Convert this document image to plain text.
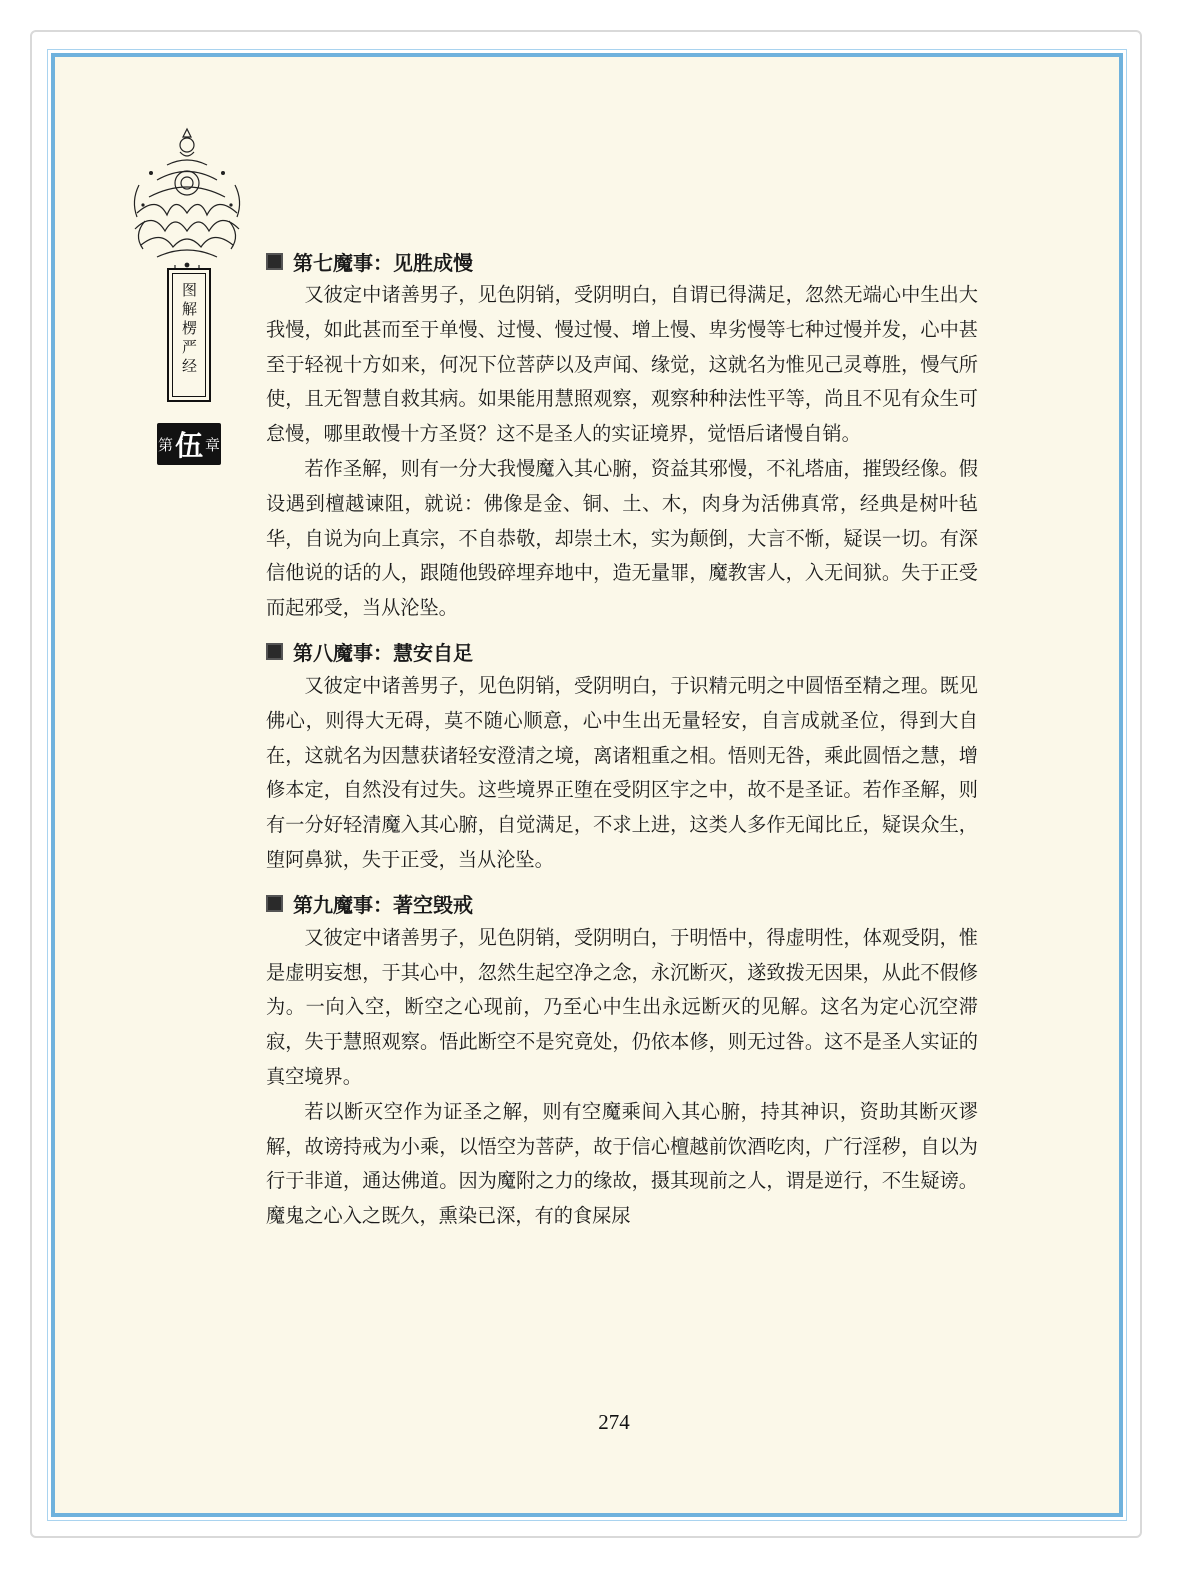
图解楞严经
第 伍 章
第七魔事：见胜成慢

又彼定中诸善男子，见色阴销，受阴明白，自谓已得满足，忽然无端心中生出大我慢，如此甚而至于单慢、过慢、慢过慢、增上慢、卑劣慢等七种过慢并发，心中甚至于轻视十方如来，何况下位菩萨以及声闻、缘觉，这就名为惟见己灵尊胜，慢气所使，且无智慧自救其病。如果能用慧照观察，观察种种法性平等，尚且不见有众生可怠慢，哪里敢慢十方圣贤？这不是圣人的实证境界，觉悟后诸慢自销。

若作圣解，则有一分大我慢魔入其心腑，资益其邪慢，不礼塔庙，摧毁经像。假设遇到檀越谏阻，就说：佛像是金、铜、土、木，肉身为活佛真常，经典是树叶毡华，自说为向上真宗，不自恭敬，却崇土木，实为颠倒，大言不惭，疑误一切。有深信他说的话的人，跟随他毁碎埋弃地中，造无量罪，魔教害人，入无间狱。失于正受而起邪受，当从沦坠。

第八魔事：慧安自足

又彼定中诸善男子，见色阴销，受阴明白，于识精元明之中圆悟至精之理。既见佛心，则得大无碍，莫不随心顺意，心中生出无量轻安，自言成就圣位，得到大自在，这就名为因慧获诸轻安澄清之境，离诸粗重之相。悟则无咎，乘此圆悟之慧，增修本定，自然没有过失。这些境界正堕在受阴区宇之中，故不是圣证。若作圣解，则有一分好轻清魔入其心腑，自觉满足，不求上进，这类人多作无闻比丘，疑误众生，堕阿鼻狱，失于正受，当从沦坠。

第九魔事：著空毁戒

又彼定中诸善男子，见色阴销，受阴明白，于明悟中，得虚明性，体观受阴，惟是虚明妄想，于其心中，忽然生起空净之念，永沉断灭，遂致拨无因果，从此不假修为。一向入空，断空之心现前，乃至心中生出永远断灭的见解。这名为定心沉空滞寂，失于慧照观察。悟此断空不是究竟处，仍依本修，则无过咎。这不是圣人实证的真空境界。

若以断灭空作为证圣之解，则有空魔乘间入其心腑，持其神识，资助其断灭谬解，故谤持戒为小乘，以悟空为菩萨，故于信心檀越前饮酒吃肉，广行淫秽，自以为行于非道，通达佛道。因为魔附之力的缘故，摄其现前之人，谓是逆行，不生疑谤。魔鬼之心入之既久，熏染已深，有的食屎尿

274
